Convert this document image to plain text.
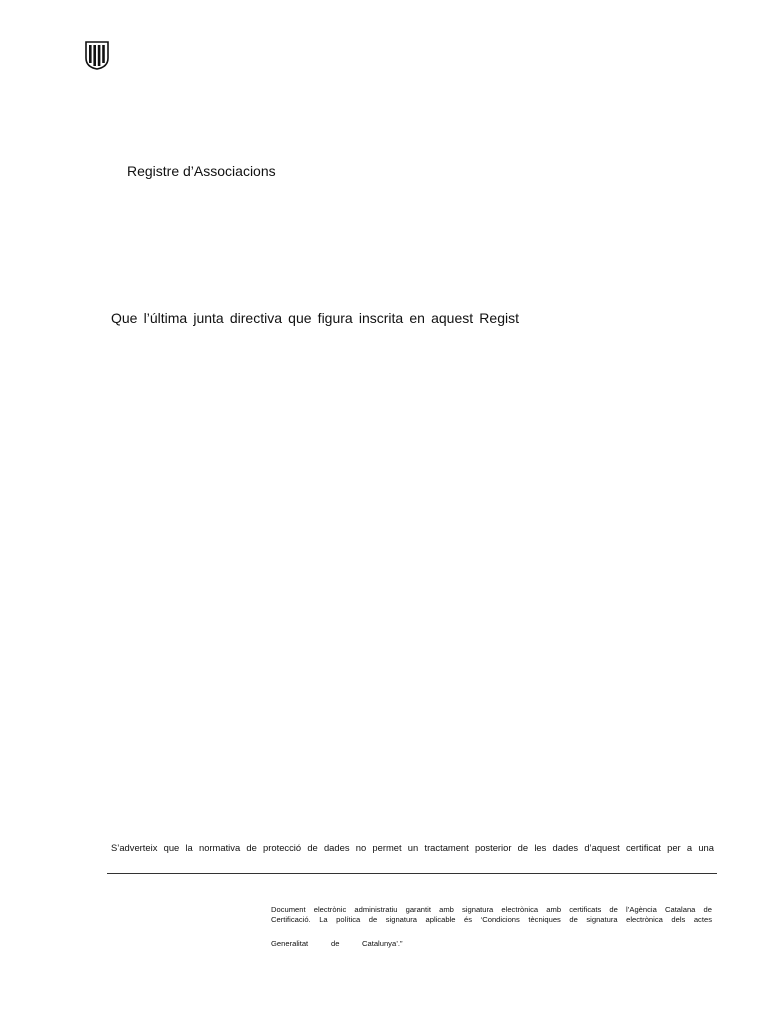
Registre d’Associacions
Que l’última junta directiva que figura inscrita en aquest Regist
S’adverteix que la normativa de protecció de dades no permet un tractament posterior de les dades d’aquest certificat per a una
Document electrònic administratiu garantit amb signatura electrònica amb certificats de l’Agència Catalana de
Certificació. La política de signatura aplicable és ‘Condicions tècniques de signatura electrònica dels actes
Generalitat	de	Catalunya’.”
